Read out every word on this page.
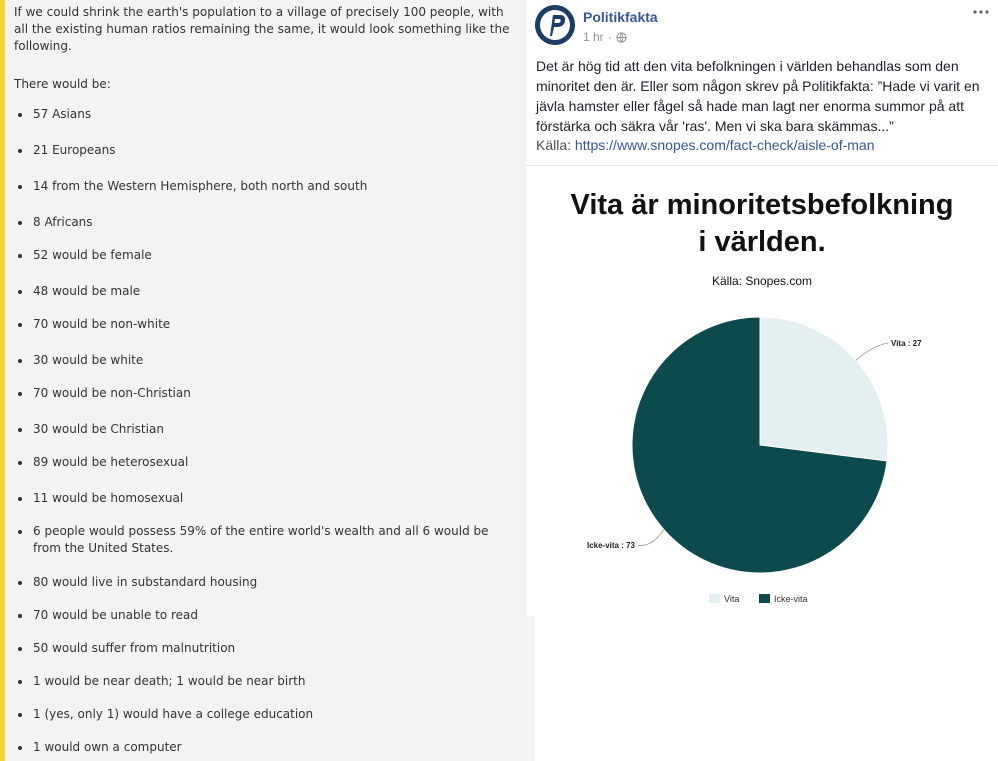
If we could shrink the earth's population to a village of precisely 100 people, with all the existing human ratios remaining the same, it would look something like the following.

There would be:

57 Asians
21 Europeans
14 from the Western Hemisphere, both north and south
8 Africans
52 would be female
48 would be male
70 would be non-white
30 would be white
70 would be non-Christian
30 would be Christian
89 would be heterosexual
11 would be homosexual
6 people would possess 59% of the entire world's wealth and all 6 would be from the United States.
80 would live in substandard housing
70 would be unable to read
50 would suffer from malnutrition
1 would be near death; 1 would be near birth
1 (yes, only 1) would have a college education
1 would own a computer
Politikfakta
1 hr ·
Det är hög tid att den vita befolkningen i världen behandlas som den minoritet den är. Eller som någon skrev på Politikfakta: ”Hade vi varit en jävla hamster eller fågel så hade man lagt ner enorma summor på att förstärka och säkra vår 'ras'. Men vi ska bara skämmas...”
Källa: https://www.snopes.com/fact-check/aisle-of-man
Vita är minoritetsbefolkning
i världen.
Källa: Snopes.com
Vita : 27
Icke-vita : 73
Vita	Icke-vita
